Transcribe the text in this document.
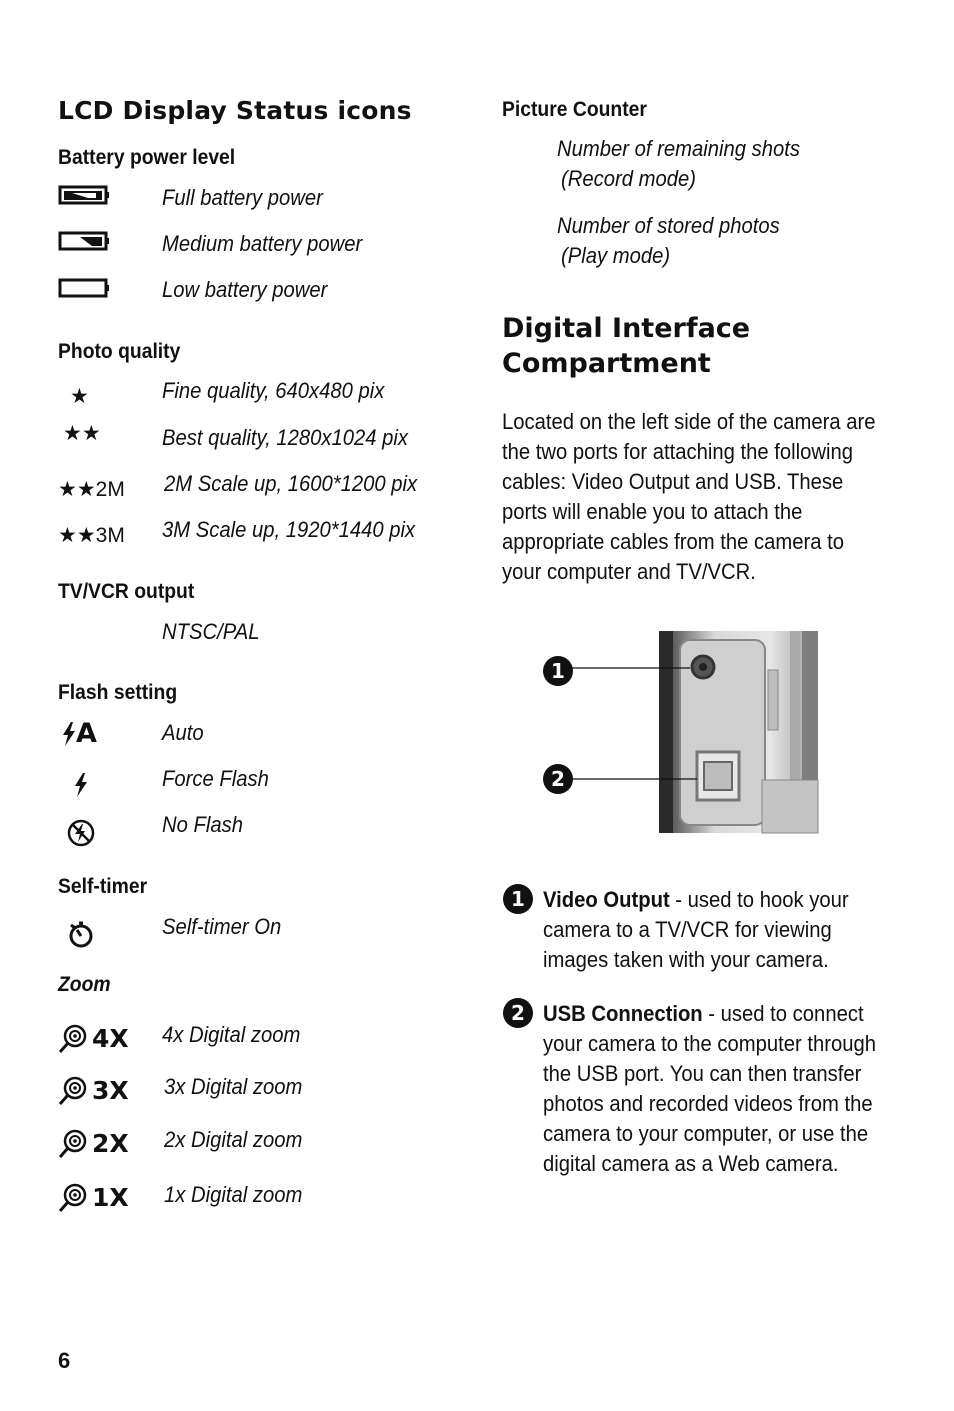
LCD Display Status icons
Battery power level
Full battery power
Medium battery power
Low battery power
Photo quality
★	Fine quality, 640x480 pix
★★	Best quality, 1280x1024 pix
★★2M 2M Scale up, 1600*1200 pix
★★3M 3M Scale up, 1920*1440 pix
TV/VCR output
NTSC/PAL
Flash setting
A	Auto
Force Flash
No Flash
Self-timer
Self-timer On
Zoom
4X 4x Digital zoom
3X 3x Digital zoom
2X 2x Digital zoom
1X 1x Digital zoom
6
Picture Counter
Number of remaining shots
(Record mode)
Number of stored photos
(Play mode)
Digital Interface
Compartment
Located on the left side of the camera are
the two ports for attaching the following
cables: Video Output and USB. These
ports will enable you to attach the
appropriate cables from the camera to
your computer and TV/VCR.
1
2
1 Video Output - used to hook your
camera to a TV/VCR for viewing
images taken with your camera.
2 USB Connection - used to connect
your camera to the computer through
the USB port. You can then transfer
photos and recorded videos from the
camera to your computer, or use the
digital camera as a Web camera.
